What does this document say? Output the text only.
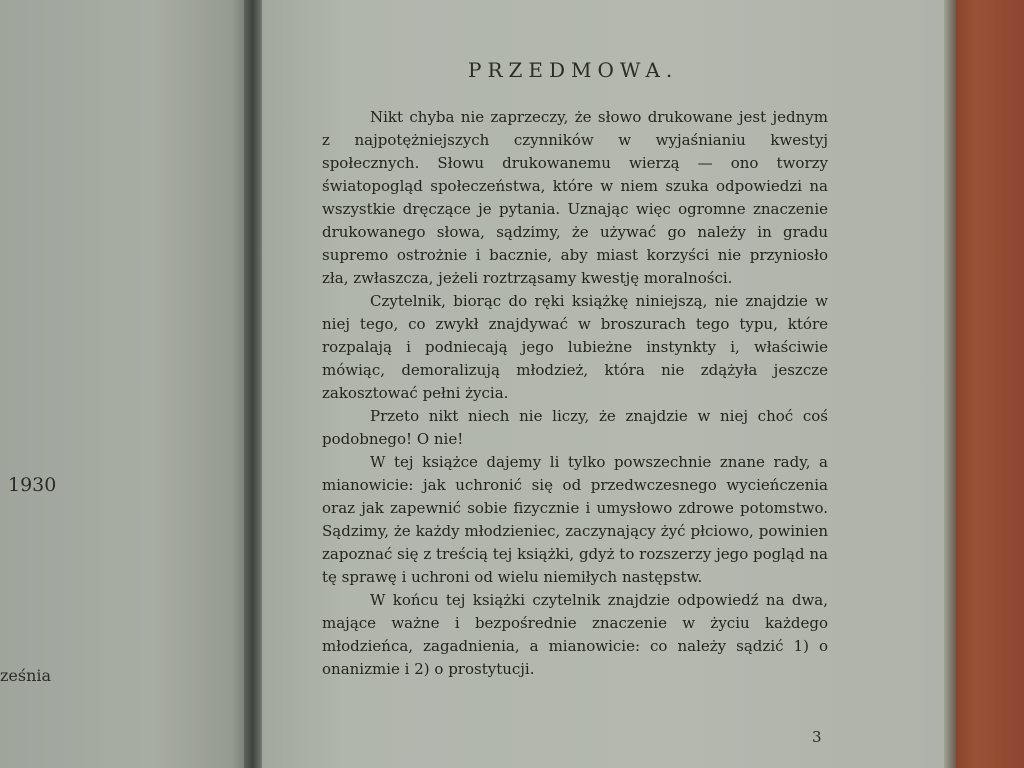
1930
ześnia
PRZEDMOWA.

Nikt chyba nie zaprzeczy, że słowo drukowane jest jednym z najpotężniejszych czynników w wyjaśnianiu kwestyj społecznych. Słowu drukowanemu wierzą — ono tworzy światopogląd społeczeństwa, które w niem szuka odpowiedzi na wszystkie dręczące je pytania. Uznając więc ogromne znaczenie drukowanego słowa, sądzimy, że używać go należy in gradu supremo ostrożnie i bacznie, aby miast korzyści nie przyniosło zła, zwłaszcza, jeżeli roztrząsamy kwestję moralności.

Czytelnik, biorąc do ręki książkę niniejszą, nie znajdzie w niej tego, co zwykł znajdywać w broszurach tego typu, które rozpalają i podniecają jego lubieżne instynkty i, właściwie mówiąc, demoralizują młodzież, która nie zdążyła jeszcze zakosztować pełni życia.

Przeto nikt niech nie liczy, że znajdzie w niej choć coś podobnego! O nie!

W tej książce dajemy li tylko powszechnie znane rady, a mianowicie: jak uchronić się od przedwczesnego wycieńczenia oraz jak zapewnić sobie fizycznie i umysłowo zdrowe potomstwo. Sądzimy, że każdy młodzieniec, zaczynający żyć płciowo, powinien zapoznać się z treścią tej książki, gdyż to rozszerzy jego pogląd na tę sprawę i uchroni od wielu niemiłych następstw.

W końcu tej książki czytelnik znajdzie odpowiedź na dwa, mające ważne i bezpośrednie znaczenie w życiu każdego młodzieńca, zagadnienia, a mianowicie: co należy sądzić 1) o onanizmie i 2) o prostytucji.

3
